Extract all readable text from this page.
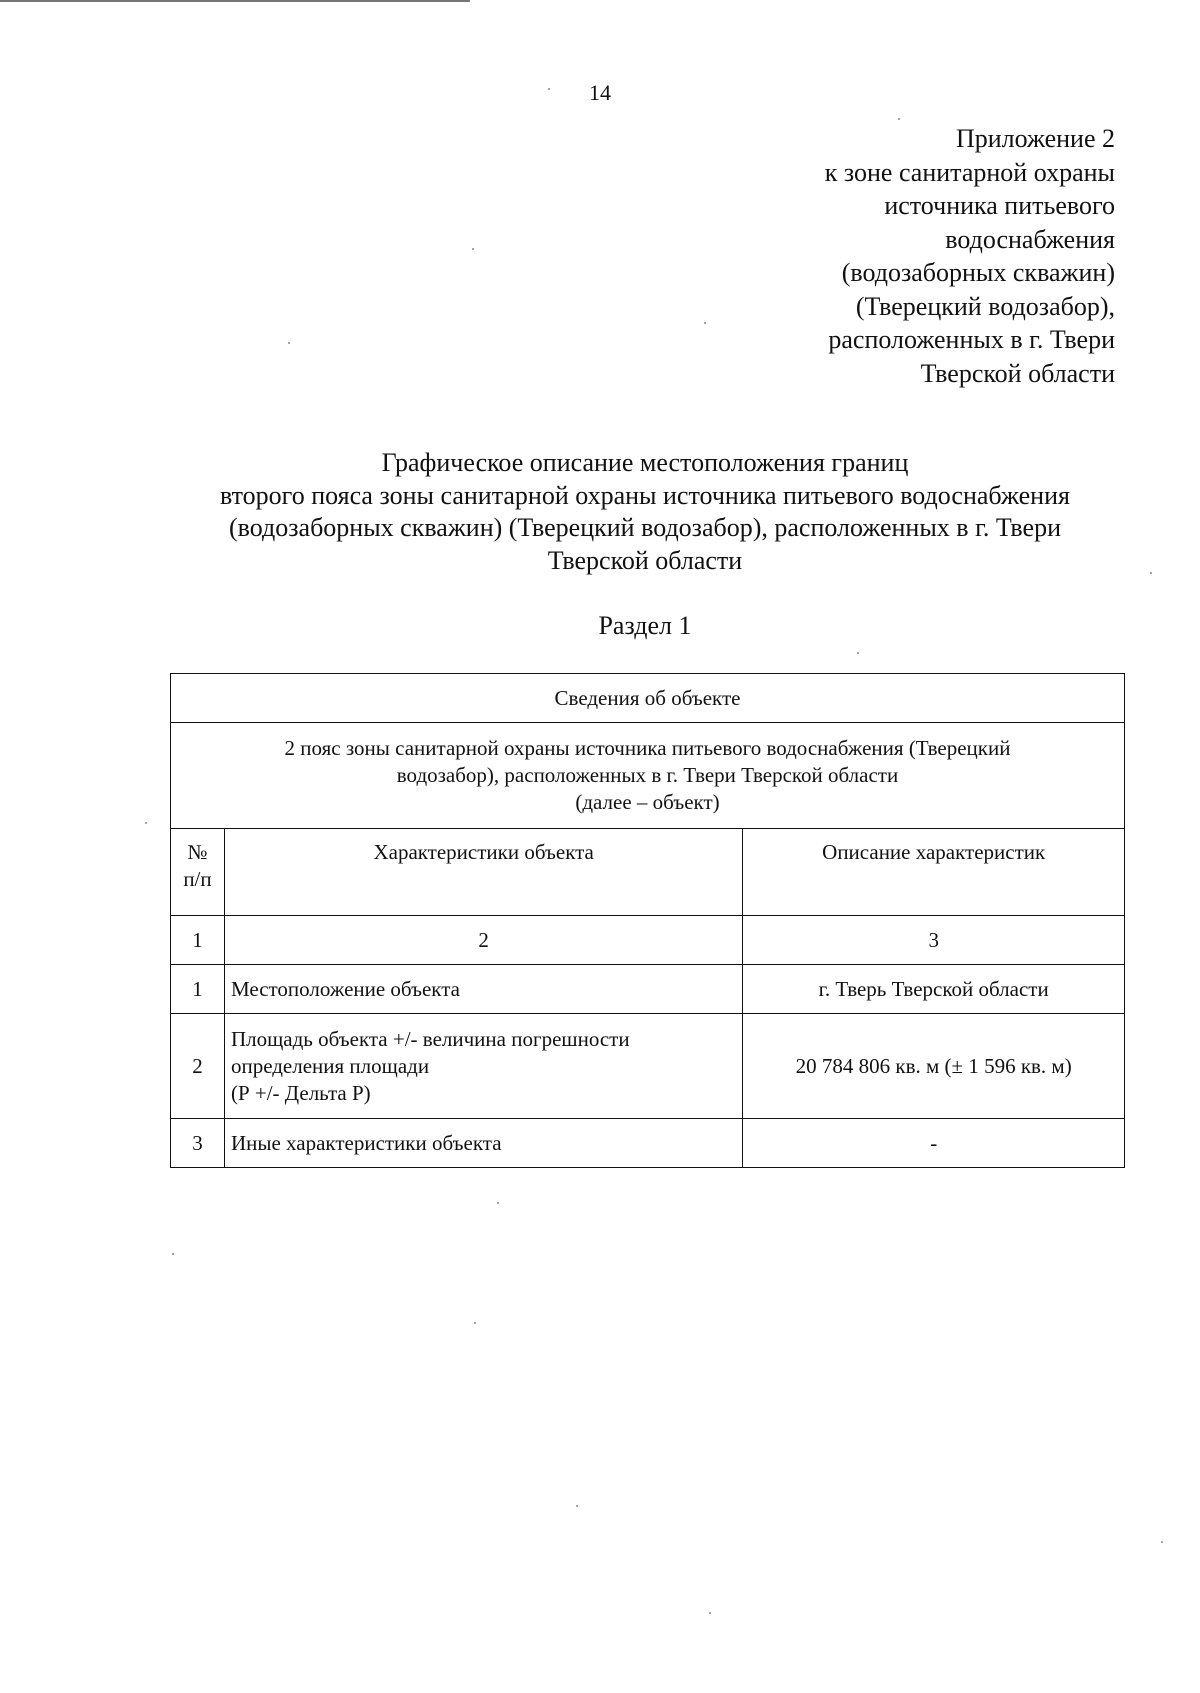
14
Приложение 2
к зоне санитарной охраны
источника питьевого
водоснабжения
(водозаборных скважин)
(Тверецкий водозабор),
расположенных в г. Твери
Тверской области
Графическое описание местоположения границ
второго пояса зоны санитарной охраны источника питьевого водоснабжения
(водозаборных скважин) (Тверецкий водозабор), расположенных в г. Твери
Тверской области
Раздел 1
Сведения об объекте		

2 пояс зоны санитарной охраны источника питьевого водоснабжения (Тверецкий
водозабор), расположенных в г. Твери Тверской области
(далее – объект)		

№
п/п	Характеристики объекта	Описание характеристик
1	2	3
1	Местоположение объекта	г. Тверь Тверской области
2	Площадь объекта +/- величина погрешности
определения площади
(Р +/- Дельта Р)	20 784 806 кв. м (± 1 596 кв. м)
3	Иные характеристики объекта	-
